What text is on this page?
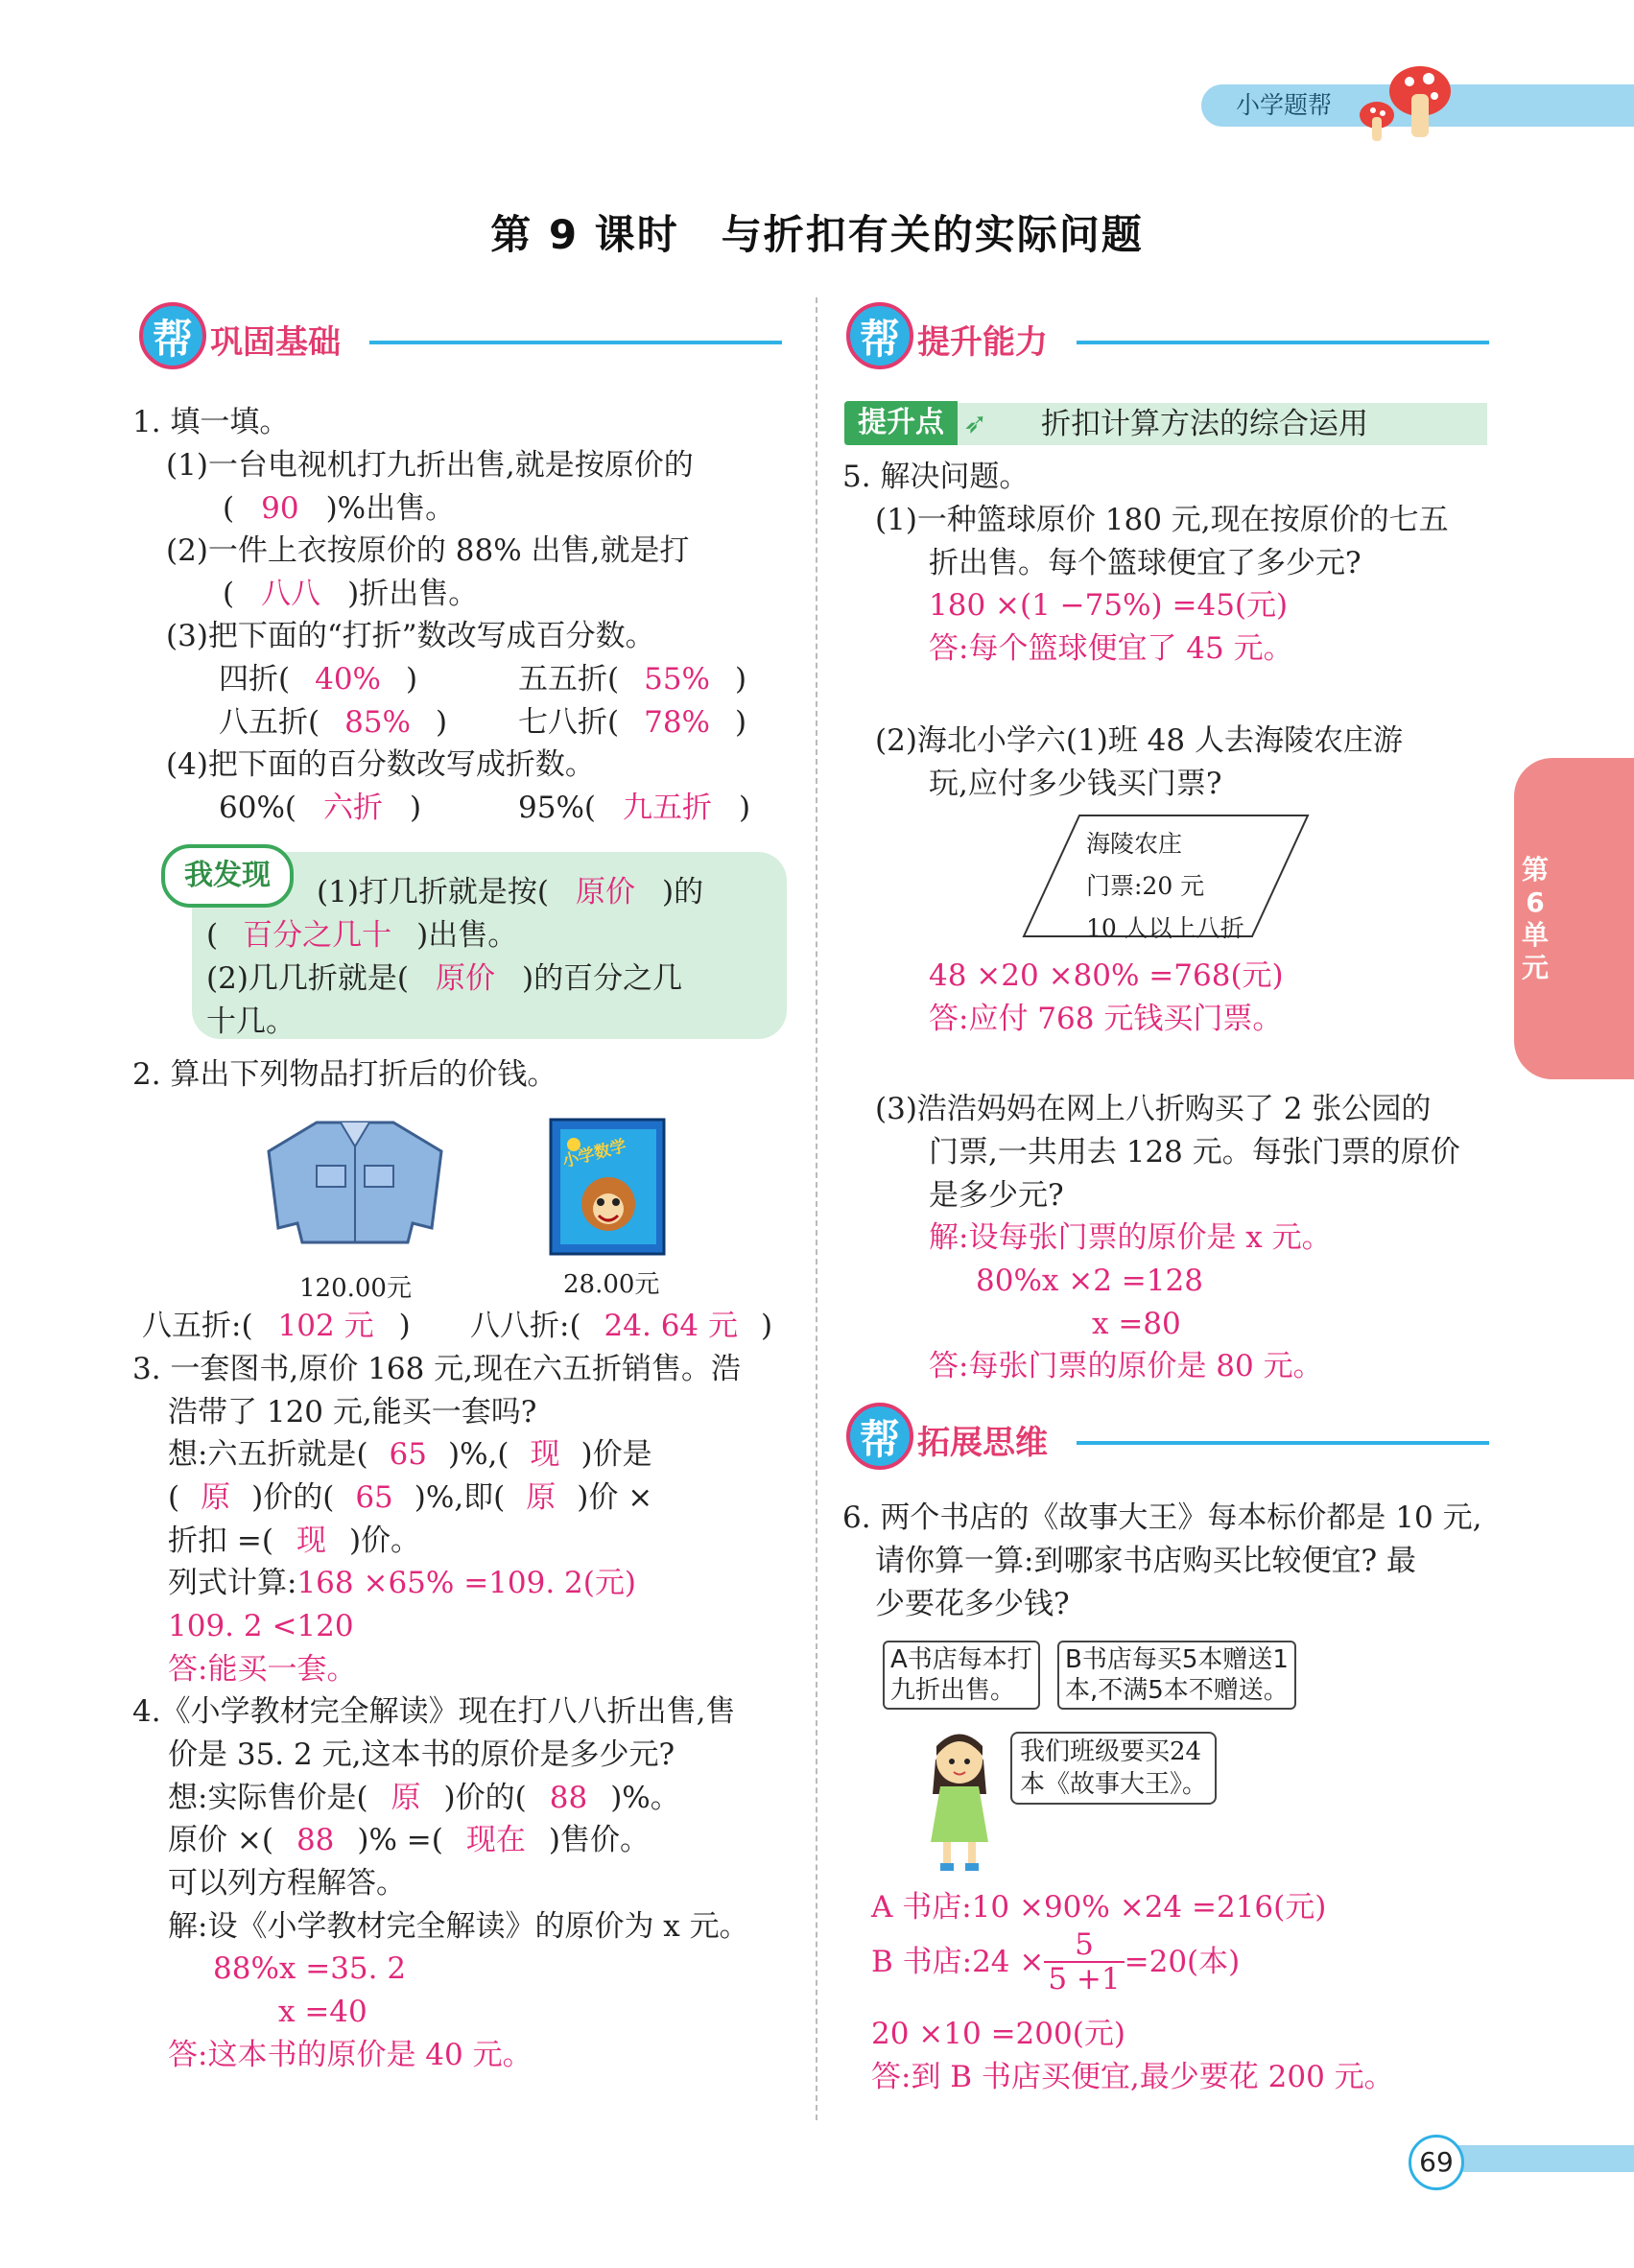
小学题帮
第 9 课时　与折扣有关的实际问题
第6单元
帮 巩固基础
1. 填一填。
(1)一台电视机打九折出售,就是按原价的
( 90 )%出售。
(2)一件上衣按原价的 88% 出售,就是打
( 八八 )折出售。
(3)把下面的“打折”数改写成百分数。
四折( 40% )	五五折( 55% )
八五折( 85% ) 七八折( 78% )
(4)把下面的百分数改写成折数。
60%( 六折 )	95%( 九五折 )
我发现	(1)打几折就是按( 原价 )的
( 百分之几十 )出售。
(2)几几折就是( 原价 )的百分之几
十几。
2. 算出下列物品打折后的价钱。
120.00元
小学数学
28.00元
八五折:( 102 元 ) 八八折:( 24. 64 元 )
3. 一套图书,原价 168 元,现在六五折销售。浩
浩带了 120 元,能买一套吗?
想:六五折就是( 65 )%,( 现 )价是
( 原 )价的( 65 )%,即( 原 )价 ×
折扣 =( 现 )价。
列式计算:168 ×65% =109. 2(元)
109. 2 <120
答:能买一套。
4.《小学教材完全解读》现在打八八折出售,售
价是 35. 2 元,这本书的原价是多少元?
想:实际售价是( 原 )价的( 88 )%。
原价 ×( 88 )% =( 现在 )售价。
可以列方程解答。
解:设《小学教材完全解读》的原价为 x 元。
88%x =35. 2
x =40
答:这本书的原价是 40 元。
帮 提升能力
提升点 ➶ 折扣计算方法的综合运用
5. 解决问题。
(1)一种篮球原价 180 元,现在按原价的七五
折出售。每个篮球便宜了多少元?
180 ×(1 −75%) =45(元)
答:每个篮球便宜了 45 元。
(2)海北小学六(1)班 48 人去海陵农庄游
玩,应付多少钱买门票?
海陵农庄
门票:20 元
10 人以上八折
48 ×20 ×80% =768(元)
答:应付 768 元钱买门票。
(3)浩浩妈妈在网上八折购买了 2 张公园的
门票,一共用去 128 元。每张门票的原价
是多少元?
解:设每张门票的原价是 x 元。
80%x ×2 =128
x =80
答:每张门票的原价是 80 元。
帮 拓展思维
6. 两个书店的《故事大王》每本标价都是 10 元,
请你算一算:到哪家书店购买比较便宜? 最
少要花多少钱?
A书店每本打
九折出售。
B书店每买5本赠送1
本,不满5本不赠送。
我们班级要买24
本《故事大王》。
A 书店:10 ×90% ×24 =216(元)
B 书店:24 × $\frac{5}{5 +1} =20$(本)
20 ×10 =200(元)
答:到 B 书店买便宜,最少要花 200 元。
69
